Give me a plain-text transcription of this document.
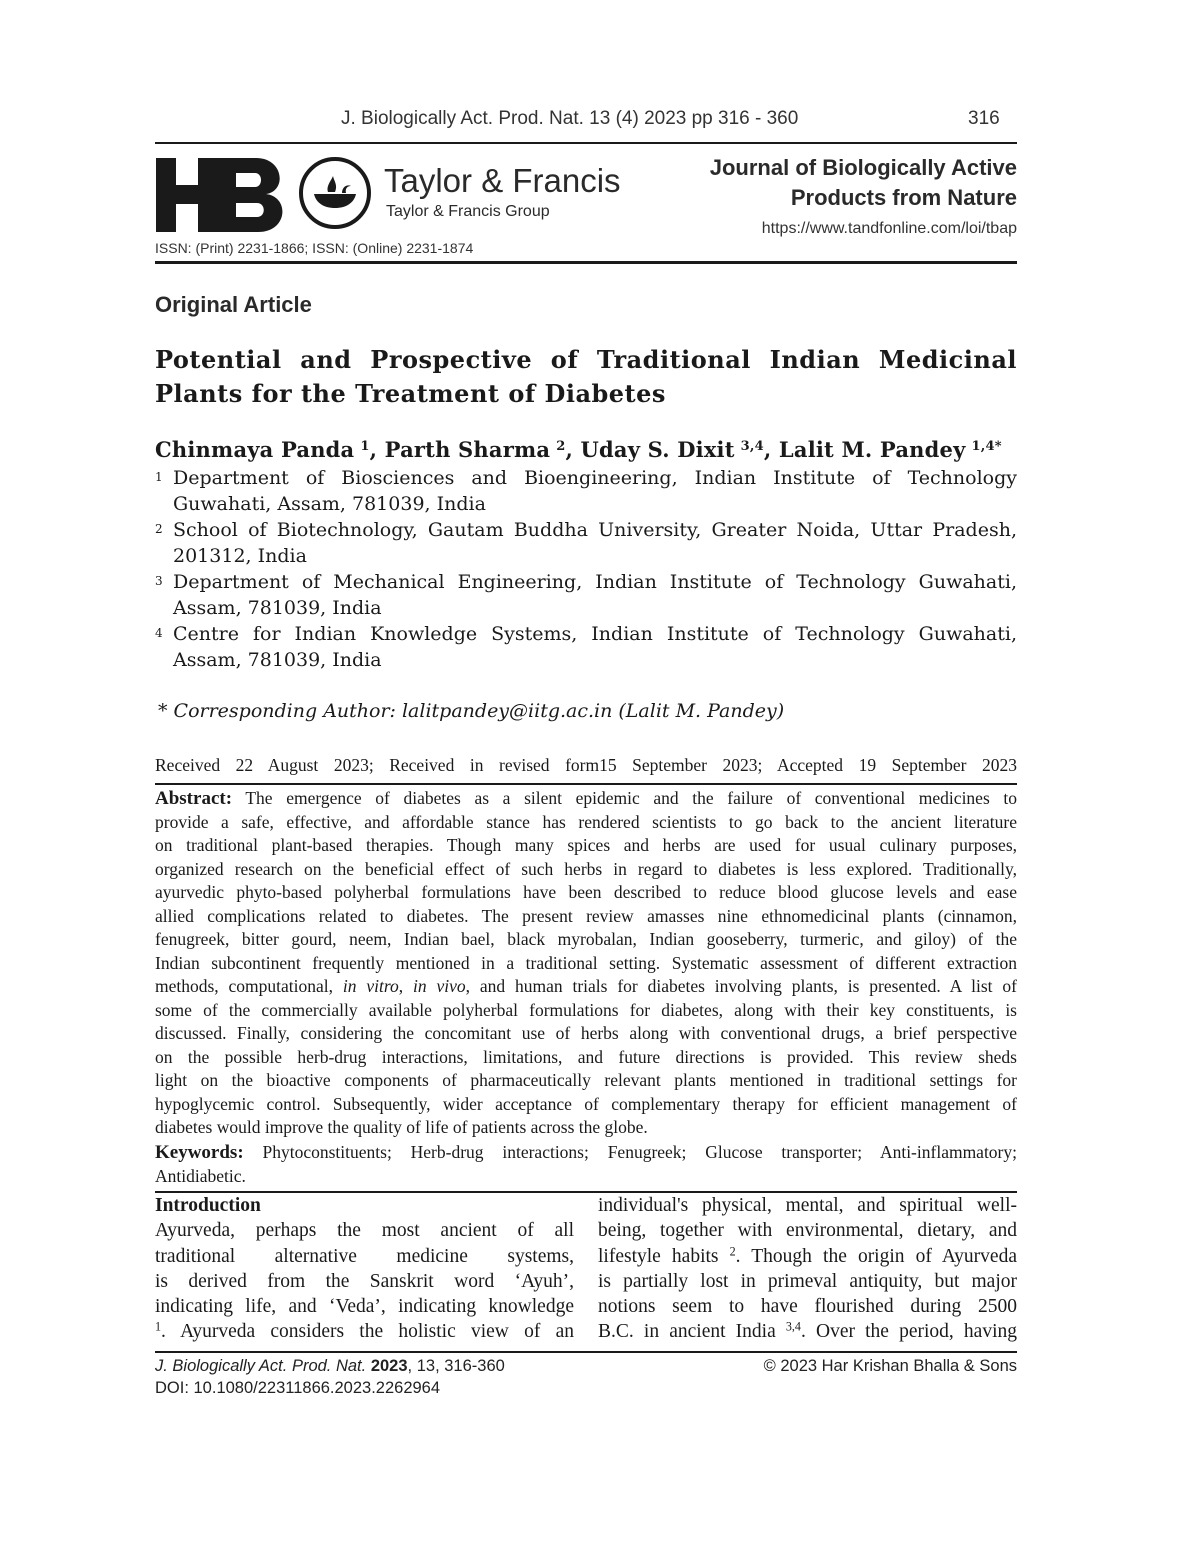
J. Biologically Act. Prod. Nat. 13 (4) 2023 pp 316 - 360	316
Taylor & Francis
Taylor & Francis Group
Journal of Biologically Active
Products from Nature
https://www.tandfonline.com/loi/tbap
ISSN: (Print) 2231-1866; ISSN: (Online) 2231-1874
Original Article
Potential and Prospective of Traditional Indian Medicinal
Plants for the Treatment of Diabetes
Chinmaya Panda $^1$, Parth Sharma $^2$, Uday S. Dixit $^{3,4}$, Lalit M. Pandey $^{1,4*}$
1 Department of Biosciences and Bioengineering, Indian Institute of Technology
Guwahati, Assam, 781039, India
2 School of Biotechnology, Gautam Buddha University, Greater Noida, Uttar Pradesh,
201312, India
3 Department of Mechanical Engineering, Indian Institute of Technology Guwahati,
Assam, 781039, India
4 Centre for Indian Knowledge Systems, Indian Institute of Technology Guwahati,
Assam, 781039, India
* Corresponding Author: lalitpandey@iitg.ac.in (Lalit M. Pandey)
Received 22 August 2023; Received in revised form15 September 2023; Accepted 19 September 2023
Abstract: The emergence of diabetes as a silent epidemic and the failure of conventional medicines to
provide a safe, effective, and affordable stance has rendered scientists to go back to the ancient literature
on traditional plant-based therapies. Though many spices and herbs are used for usual culinary purposes,
organized research on the beneficial effect of such herbs in regard to diabetes is less explored. Traditionally,
ayurvedic phyto-based polyherbal formulations have been described to reduce blood glucose levels and ease
allied complications related to diabetes. The present review amasses nine ethnomedicinal plants (cinnamon,
fenugreek, bitter gourd, neem, Indian bael, black myrobalan, Indian gooseberry, turmeric, and giloy) of the
Indian subcontinent frequently mentioned in a traditional setting. Systematic assessment of different extraction
methods, computational, in vitro, in vivo, and human trials for diabetes involving plants, is presented. A list of
some of the commercially available polyherbal formulations for diabetes, along with their key constituents, is
discussed. Finally, considering the concomitant use of herbs along with conventional drugs, a brief perspective
on the possible herb-drug interactions, limitations, and future directions is provided. This review sheds
light on the bioactive components of pharmaceutically relevant plants mentioned in traditional settings for
hypoglycemic control. Subsequently, wider acceptance of complementary therapy for efficient management of
diabetes would improve the quality of life of patients across the globe.
Keywords: Phytoconstituents; Herb-drug interactions; Fenugreek; Glucose transporter; Anti-inflammatory;
Antidiabetic.
Introduction
Ayurveda, perhaps the most ancient of all
traditional alternative medicine systems,
is derived from the Sanskrit word ‘Ayuh’,
indicating life, and ‘Veda’, indicating knowledge
$^1$. Ayurveda considers the holistic view of an
individual's physical, mental, and spiritual well-
being, together with environmental, dietary, and
lifestyle habits $^2$. Though the origin of Ayurveda
is partially lost in primeval antiquity, but major
notions seem to have flourished during 2500
B.C. in ancient India $^{3,4}$. Over the period, having
J. Biologically Act. Prod. Nat. 2023, 13, 316-360
DOI: 10.1080/22311866.2023.2262964
© 2023 Har Krishan Bhalla & Sons
